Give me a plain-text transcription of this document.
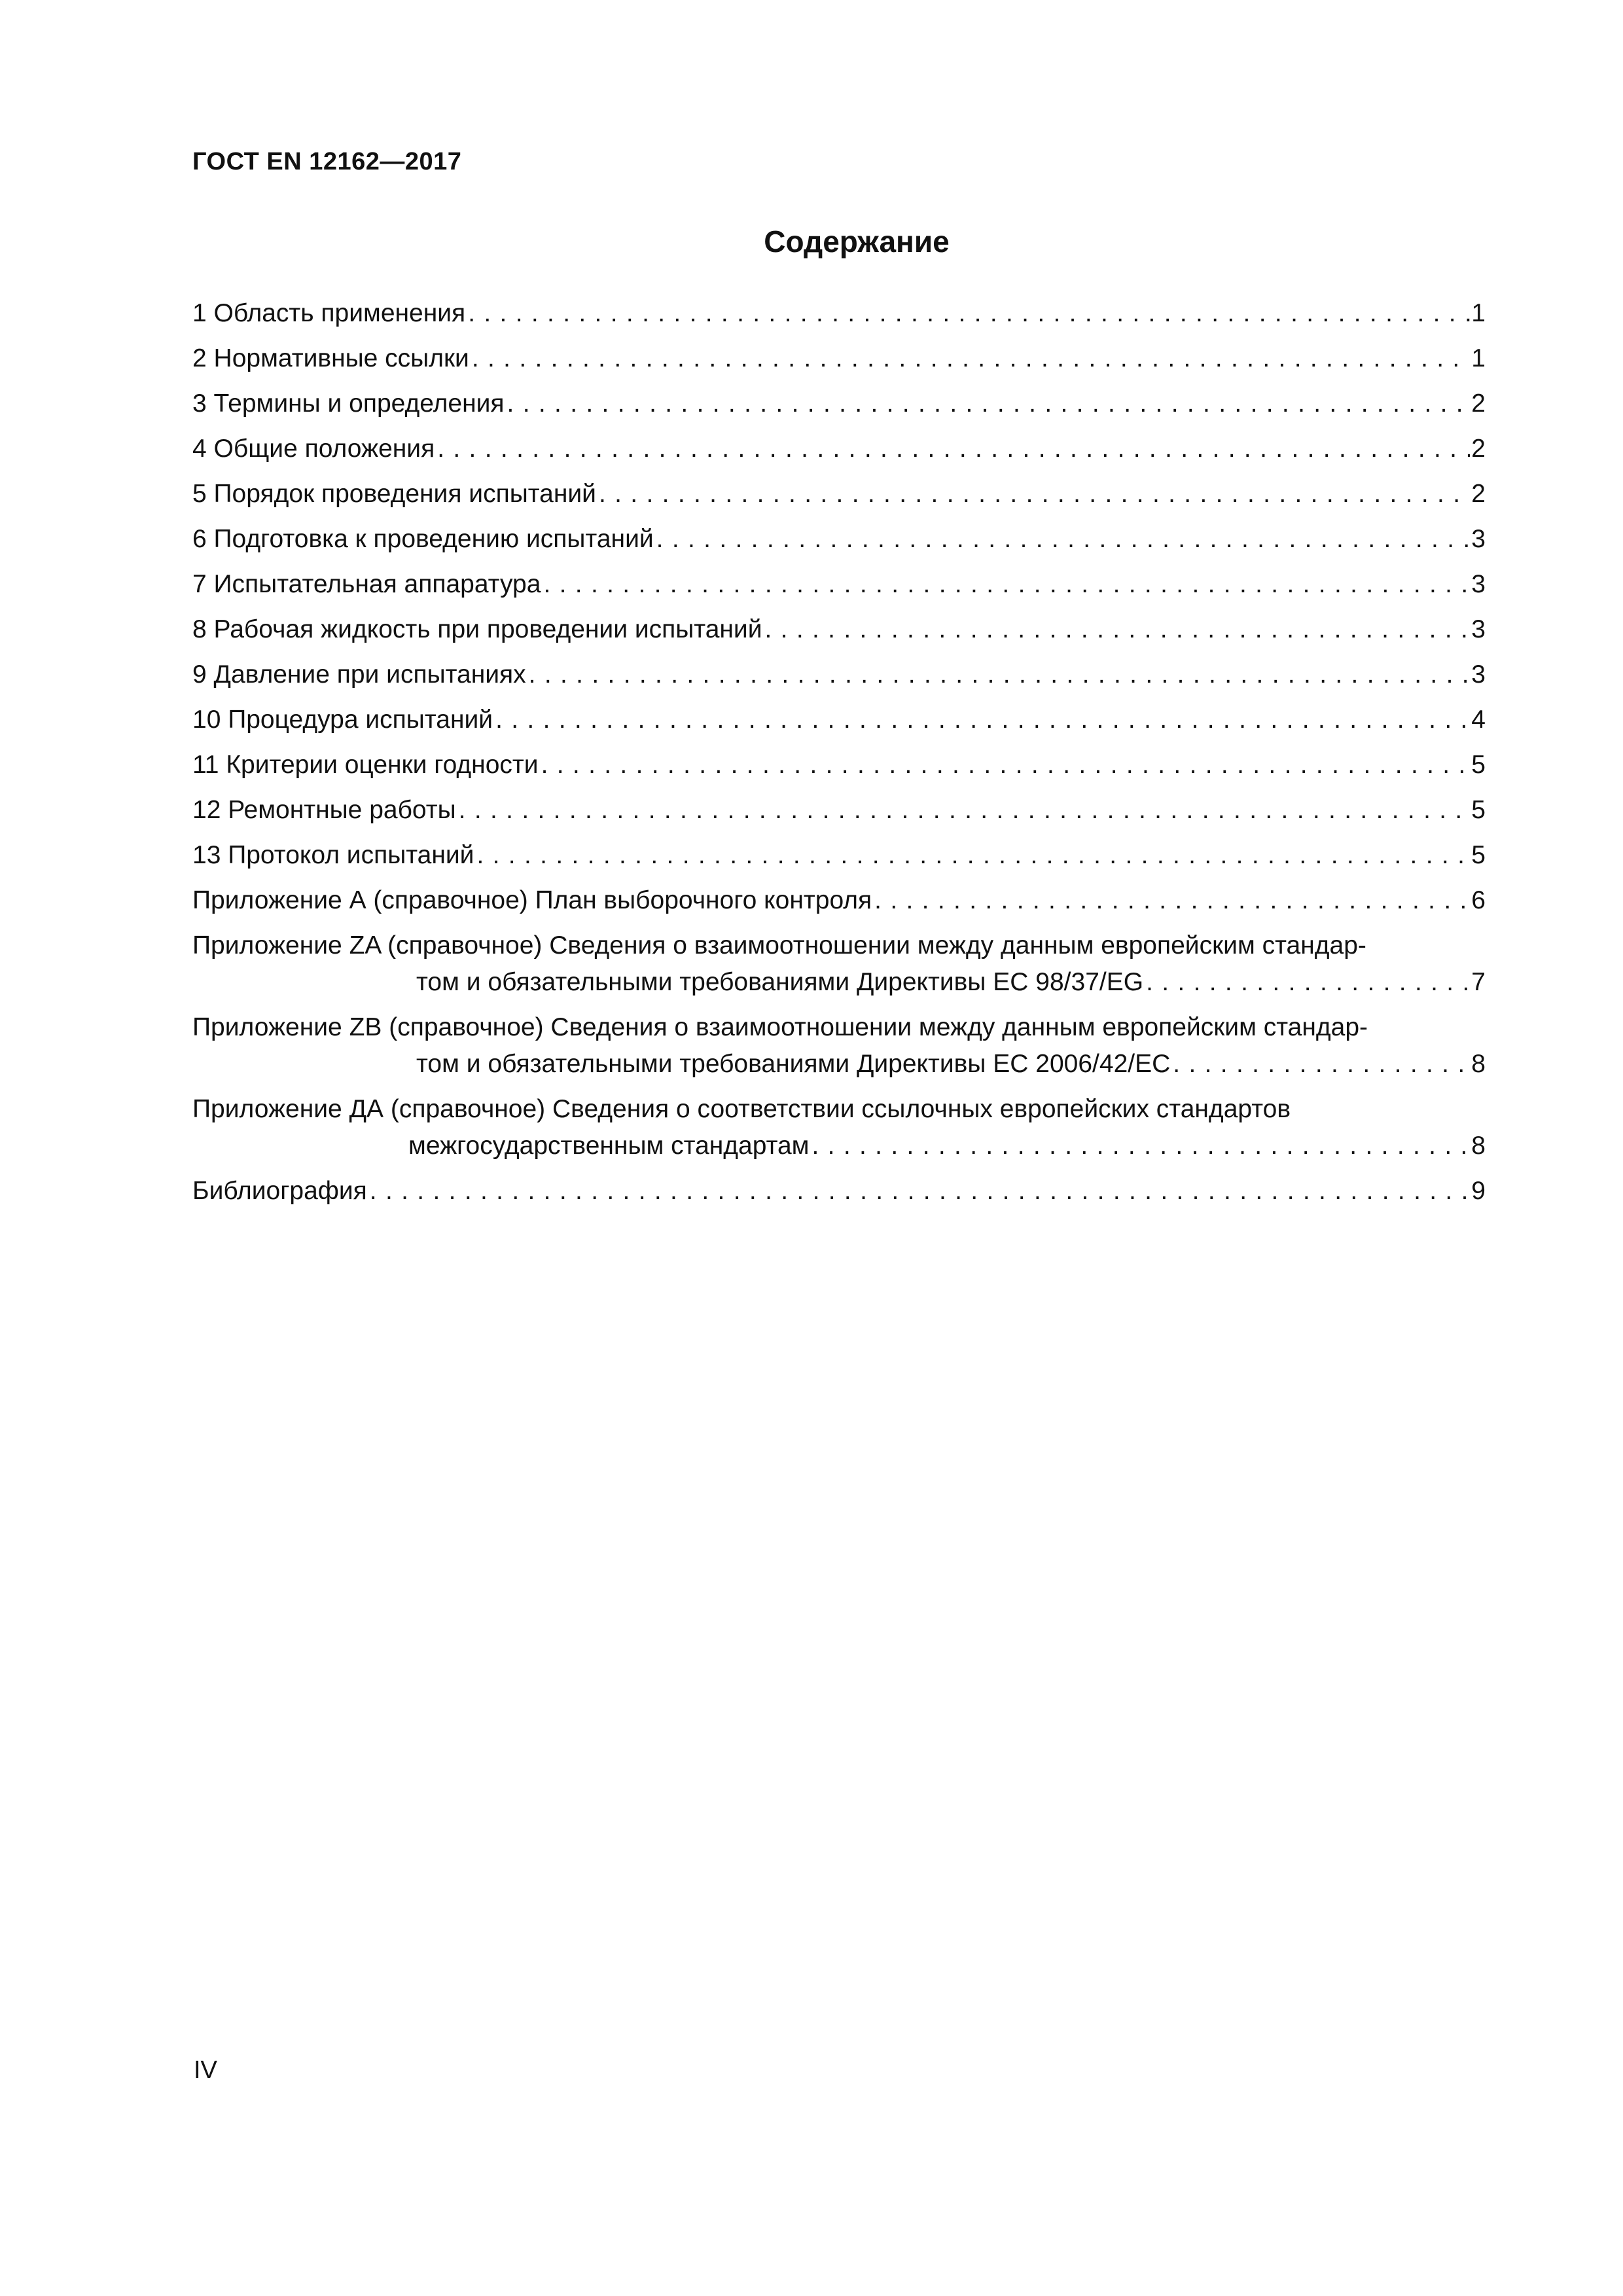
ГОСТ EN 12162—2017
Содержание
1 Область применения . . .	1
2 Нормативные ссылки . . .	1
3 Термины и определения . . .	2
4 Общие положения . . .	2
5 Порядок проведения испытаний . . .	2
6 Подготовка к проведению испытаний . . .	3
7 Испытательная аппаратура . . .	3
8 Рабочая жидкость при проведении испытаний . . .	3
9 Давление при испытаниях . . .	3
10 Процедура испытаний . . .	4
11 Критерии оценки годности . . .	5
12 Ремонтные работы . . .	5
13 Протокол испытаний . . .	5
Приложение А (справочное) План выборочного контроля . . .	6
Приложение ZA (справочное) Сведения о взаимоотношении между данным европейским стандар-
том и обязательными требованиями Директивы ЕС 98/37/EG . . .	7
Приложение ZB (справочное) Сведения о взаимоотношении между данным европейским стандар-
том и обязательными требованиями Директивы ЕС 2006/42/ЕС . . .	8
Приложение ДА (справочное) Сведения о соответствии ссылочных европейских стандартов
межгосударственным стандартам . . .	8
Библиография . . .	9
IV
